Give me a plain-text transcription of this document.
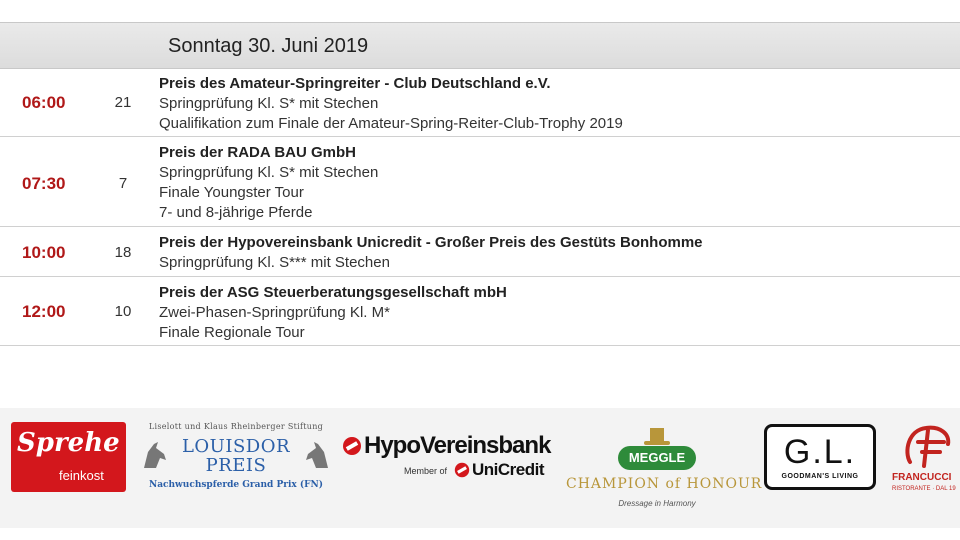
Sonntag 30. Juni 2019
06:00	21
Preis des Amateur-Springreiter - Club Deutschland e.V.
Springprüfung Kl. S* mit Stechen
Qualifikation zum Finale der Amateur-Spring-Reiter-Club-Trophy 2019
07:30	7
Preis der RADA BAU GmbH
Springprüfung Kl. S* mit Stechen
Finale Youngster Tour
7- und 8-jährige Pferde
10:00	18
Preis der Hypovereinsbank Unicredit - Großer Preis des Gestüts Bonhomme
Springprüfung Kl. S*** mit Stechen
12:00	10
Preis der ASG Steuerberatungsgesellschaft mbH
Zwei-Phasen-Springprüfung Kl. M*
Finale Regionale Tour
Sprehe
feinkost
Liselott und Klaus Rheinberger Stiftung
LOUISDOR
PREIS
Nachwuchspferde Grand Prix (FN)
HypoVereinsbank
Member of UniCredit
MEGGLE
CHAMPION of HONOUR
Dressage in Harmony
G.L.
GOODMAN'S LIVING	FRANCUCCI
RISTORANTE · DAL 19
